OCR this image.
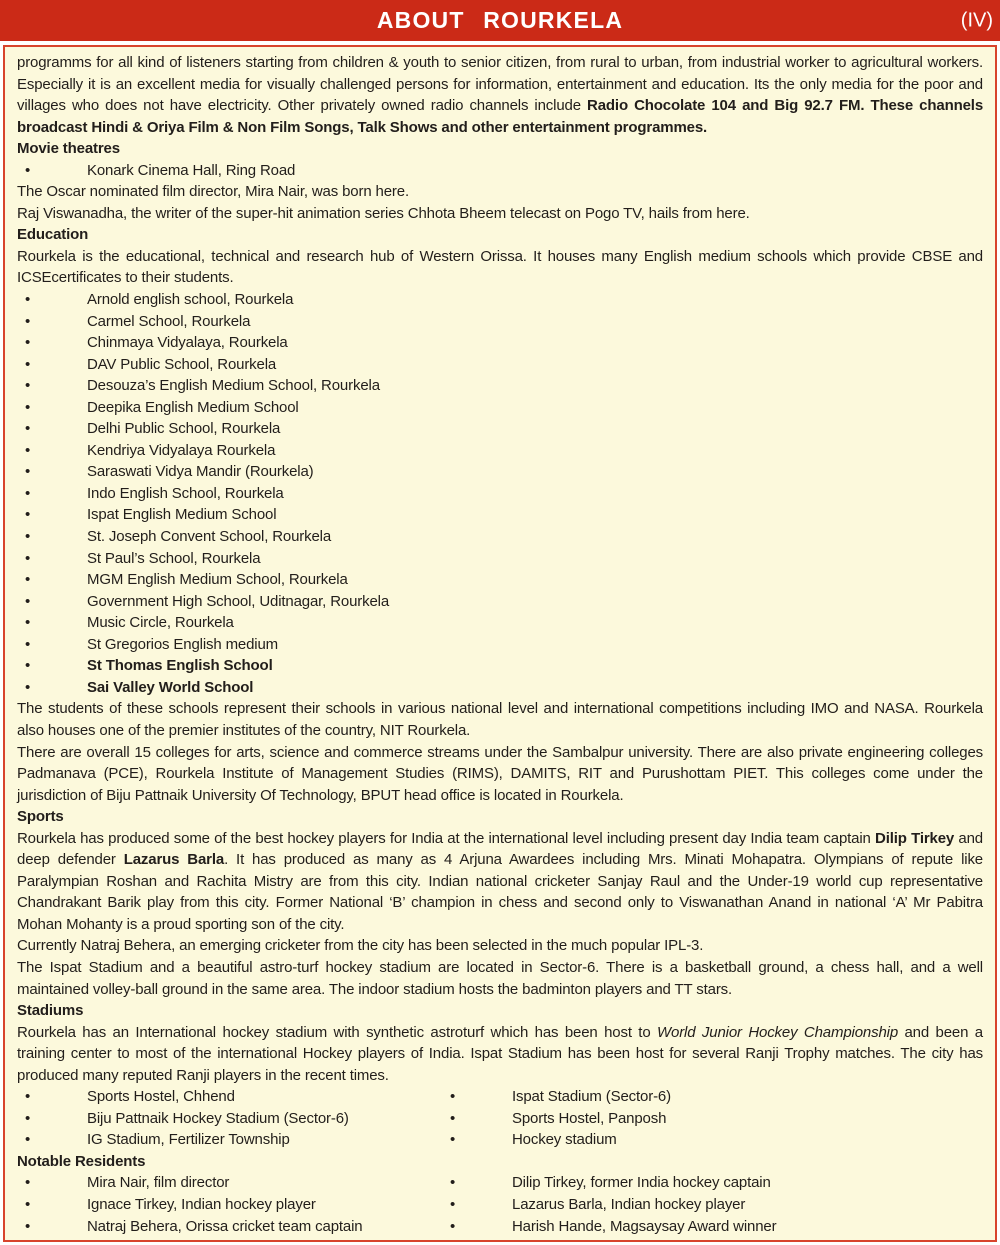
ABOUT ROURKELA	(IV)

programms for all kind of listeners starting from children & youth to senior citizen, from rural to urban, from industrial worker to agricultural workers. Especially it is an excellent media for visually challenged persons for information, entertainment and education. Its the only media for the poor and villages who does not have electricity. Other privately owned radio channels include Radio Chocolate 104 and Big 92.7 FM. These channels broadcast Hindi & Oriya Film & Non Film Songs, Talk Shows and other entertainment programmes.

Movie theatres
•	Konark Cinema Hall, Ring Road

The Oscar nominated film director, Mira Nair, was born here.

Raj Viswanadha, the writer of the super-hit animation series Chhota Bheem telecast on Pogo TV, hails from here.

Education

Rourkela is the educational, technical and research hub of Western Orissa. It houses many English medium schools which provide CBSE and ICSEcertificates to their students.

•	Arnold english school, Rourkela
•	Carmel School, Rourkela
•	Chinmaya Vidyalaya, Rourkela
•	DAV Public School, Rourkela
•	Desouza’s English Medium School, Rourkela
•	Deepika English Medium School
•	Delhi Public School, Rourkela
•	Kendriya Vidyalaya Rourkela
•	Saraswati Vidya Mandir (Rourkela)
•	Indo English School, Rourkela
•	Ispat English Medium School
•	St. Joseph Convent School, Rourkela
•	St Paul’s School, Rourkela
•	MGM English Medium School, Rourkela
•	Government High School, Uditnagar, Rourkela
•	Music Circle, Rourkela
•	St Gregorios English medium
•	St Thomas English School
•	Sai Valley World School

The students of these schools represent their schools in various national level and international competitions including IMO and NASA. Rourkela also houses one of the premier institutes of the country, NIT Rourkela.

There are overall 15 colleges for arts, science and commerce streams under the Sambalpur university. There are also private engineering colleges Padmanava (PCE), Rourkela Institute of Management Studies (RIMS), DAMITS, RIT and Purushottam PIET. This colleges come under the jurisdiction of Biju Pattnaik University Of Technology, BPUT head office is located in Rourkela.

Sports

Rourkela has produced some of the best hockey players for India at the international level including present day India team captain Dilip Tirkey and deep defender Lazarus Barla. It has produced as many as 4 Arjuna Awardees including Mrs. Minati Mohapatra. Olympians of repute like Paralympian Roshan and Rachita Mistry are from this city. Indian national cricketer Sanjay Raul and the Under-19 world cup representative Chandrakant Barik play from this city. Former National ‘B’ champion in chess and second only to Viswanathan Anand in national ‘A’ Mr Pabitra Mohan Mohanty is a proud sporting son of the city.

Currently Natraj Behera, an emerging cricketer from the city has been selected in the much popular IPL-3.

The Ispat Stadium and a beautiful astro-turf hockey stadium are located in Sector-6. There is a basketball ground, a chess hall, and a well maintained volley-ball ground in the same area. The indoor stadium hosts the badminton players and TT stars.

Stadiums

Rourkela has an International hockey stadium with synthetic astroturf which has been host to World Junior Hockey Championship and been a training center to most of the international Hockey players of India. Ispat Stadium has been host for several Ranji Trophy matches. The city has produced many reputed Ranji players in the recent times.

•	Sports Hostel, Chhend	•	Ispat Stadium (Sector-6)
•	Biju Pattnaik Hockey Stadium (Sector-6)	•	Sports Hostel, Panposh
•	IG Stadium, Fertilizer Township	•	Hockey stadium
Notable Residents
•	Mira Nair, film director	•	Dilip Tirkey, former India hockey captain
•	Ignace Tirkey, Indian hockey player	•	Lazarus Barla, Indian hockey player
•	Natraj Behera, Orissa cricket team captain	•	Harish Hande, Magsaysay Award winner
